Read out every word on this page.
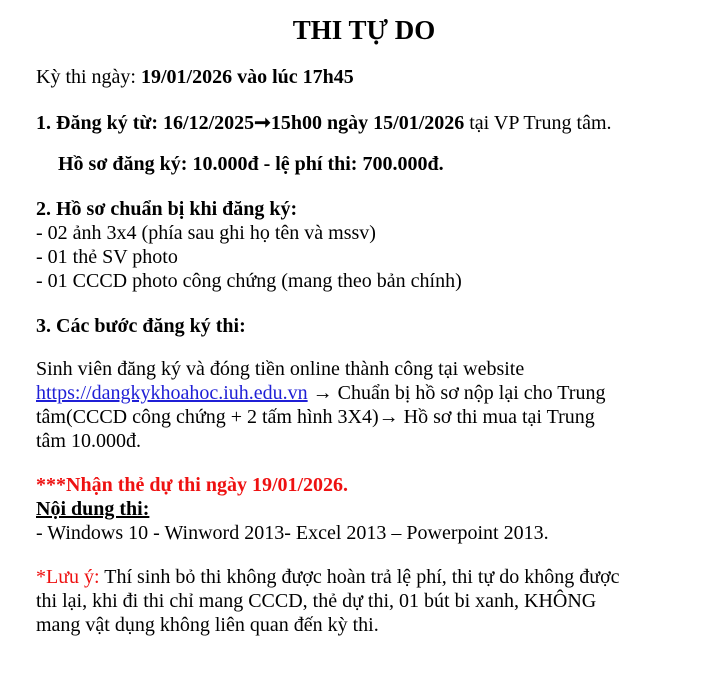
THI TỰ DO
Kỳ thi ngày: 19/01/2026 vào lúc 17h45
1. Đăng ký từ: 16/12/2025➞15h00 ngày 15/01/2026 tại VP Trung tâm.
Hồ sơ đăng ký: 10.000đ - lệ phí thi: 700.000đ.
2. Hồ sơ chuẩn bị khi đăng ký:
- 02 ảnh 3x4 (phía sau ghi họ tên và mssv)
- 01 thẻ SV photo
- 01 CCCD photo công chứng (mang theo bản chính)
3. Các bước đăng ký thi:
Sinh viên đăng ký và đóng tiền online thành công tại website
https://dangkykhoahoc.iuh.edu.vn → Chuẩn bị hồ sơ nộp lại cho Trung
tâm(CCCD công chứng + 2 tấm hình 3X4)→ Hồ sơ thi mua tại Trung
tâm 10.000đ.
***Nhận thẻ dự thi ngày 19/01/2026.
Nội dung thi:
- Windows 10 - Winword 2013- Excel 2013 – Powerpoint 2013.
*Lưu ý: Thí sinh bỏ thi không được hoàn trả lệ phí, thi tự do không được
thi lại, khi đi thi chỉ mang CCCD, thẻ dự thi, 01 bút bi xanh, KHÔNG
mang vật dụng không liên quan đến kỳ thi.
